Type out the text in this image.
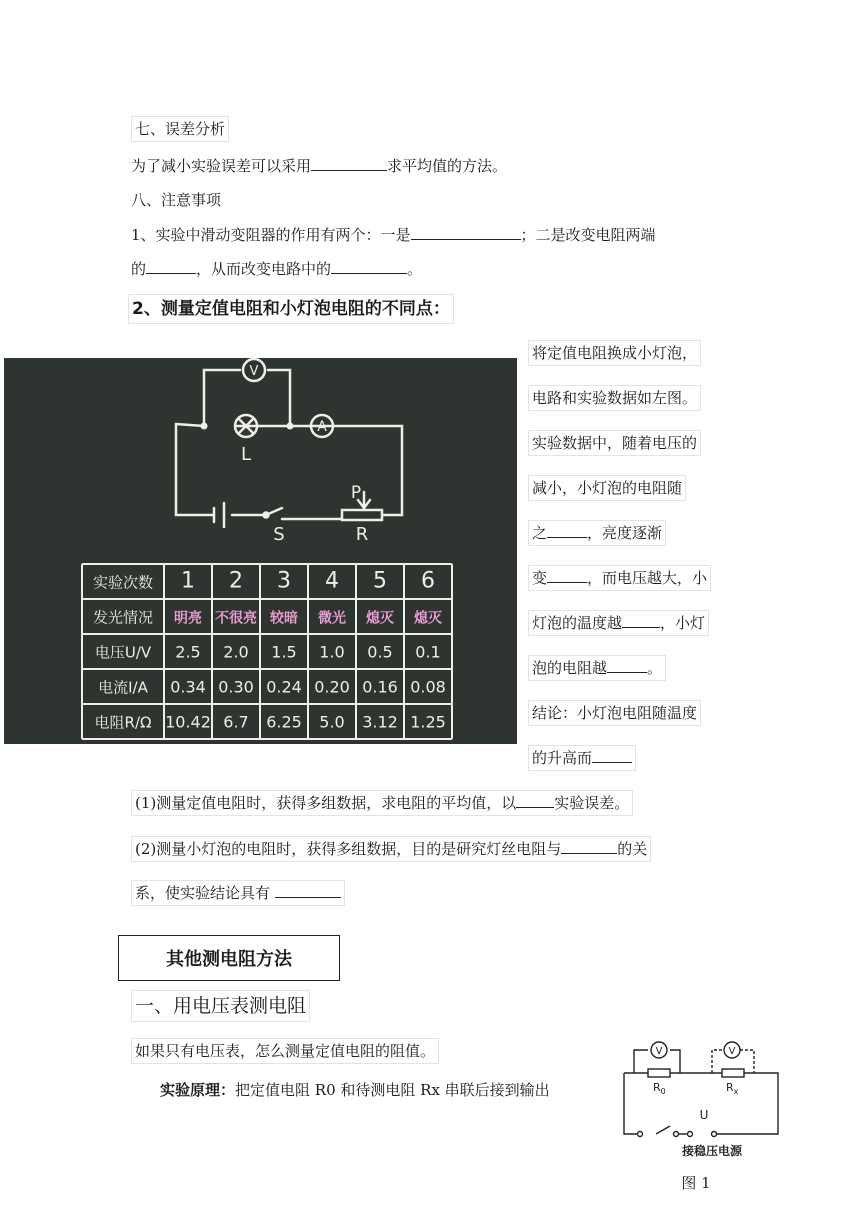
七、误差分析
为了减小实验误差可以采用	求平均值的方法。
八、注意事项
1、实验中滑动变阻器的作用有两个：一是	；二是改变电阻两端
的	，从而改变电路中的	。
2、测量定值电阻和小灯泡电阻的不同点：
V
A
L
S	R
P
实验次数 1 2 3 4 5 6
发光情况 明亮 不很亮 较暗 微光 熄灭 熄灭
电压U/V 2.5 2.0 1.5 1.0 0.5 0.1
电流I/A 0.34 0.30 0.24 0.20 0.16 0.08
电阻R/Ω 10.42 6.7 6.25 5.0 3.12 1.25
将定值电阻换成小灯泡，
电路和实验数据如左图。
实验数据中，随着电压的
减小，小灯泡的电阻随
之	，亮度逐渐
变	，而电压越大，小
灯泡的温度越	，小灯
泡的电阻越	。
结论：小灯泡电阻随温度
的升高而
(1)测量定值电阻时，获得多组数据，求电阻的平均值，以	实验误差。
(2)测量小灯泡的电阻时，获得多组数据，目的是研究灯丝电阻与	的关
系，使实验结论具有
其他测电阻方法
一、用电压表测电阻
如果只有电压表，怎么测量定值电阻的阻值。
实验原理：把定值电阻 R0 和待测电阻 Rx 串联后接到输出
V	V
$R_0$	$R_x$
U
接稳压电源
图 1
